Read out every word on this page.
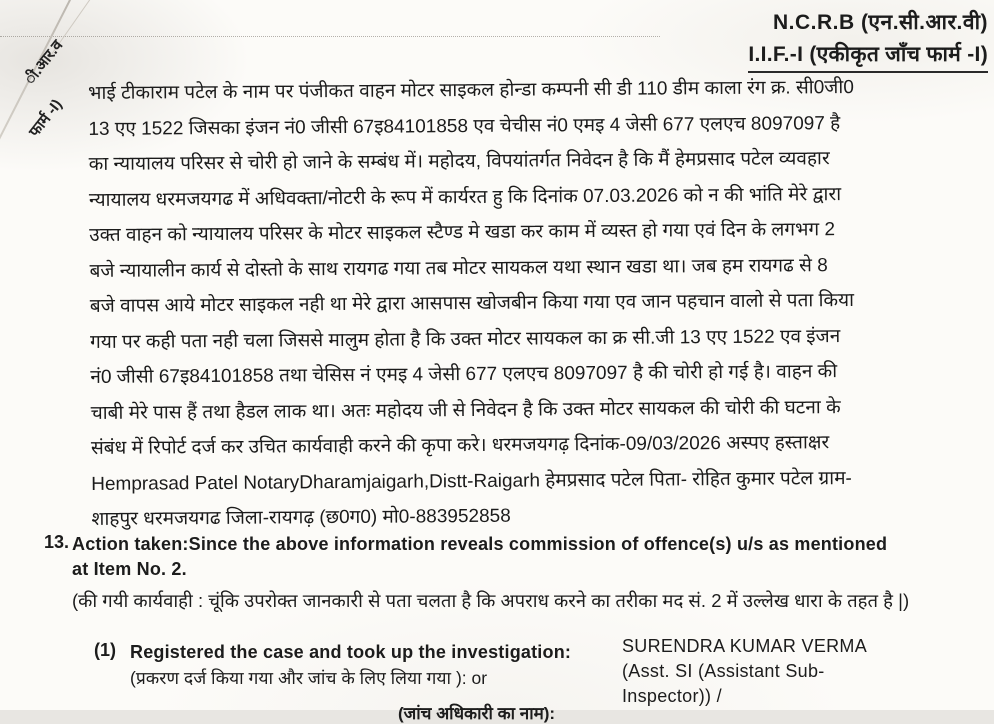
ी.आर.व
फार्म -I)
N.C.R.B (एन.सी.आर.वी)
I.I.F.-I (एकीकृत जाँच फार्म -I)
भाई टीकाराम पटेल के नाम पर पंजीकत वाहन मोटर साइकल होन्डा कम्पनी सी डी 110 डीम काला रंग क्र. सी0जी0
13 एए 1522 जिसका इंजन नं0 जीसी 67इ84101858 एव चेचीस नं0 एमइ 4 जेसी 677 एलएच 8097097 है
का न्यायालय परिसर से चोरी हो जाने के सम्बंध में। महोदय, विपयांतर्गत निवेदन है कि मैं हेमप्रसाद पटेल व्यवहार
न्यायालय धरमजयगढ में अधिवक्ता/नोटरी के रूप में कार्यरत हु कि दिनांक 07.03.2026 को न की भांति मेरे द्वारा
उक्त वाहन को न्यायालय परिसर के मोटर साइकल स्टैण्ड मे खडा कर काम में व्यस्त हो गया एवं दिन के लगभग 2
बजे न्यायालीन कार्य से दोस्तो के साथ रायगढ गया तब मोटर सायकल यथा स्थान खडा था। जब हम रायगढ से 8
बजे वापस आये मोटर साइकल नही था मेरे द्वारा आसपास खोजबीन किया गया एव जान पहचान वालो से पता किया
गया पर कही पता नही चला जिससे मालुम होता है कि उक्त मोटर सायकल का क्र सी.जी 13 एए 1522 एव इंजन
नं0 जीसी 67इ84101858 तथा चेसिस नं एमइ 4 जेसी 677 एलएच 8097097 है की चोरी हो गई है। वाहन की
चाबी मेरे पास हैं तथा हैडल लाक था। अतः महोदय जी से निवेदन है कि उक्त मोटर सायकल की चोरी की घटना के
संबंध में रिपोर्ट दर्ज कर उचित कार्यवाही करने की कृपा करे। धरमजयगढ़ दिनांक-09/03/2026 अस्पए हस्ताक्षर
Hemprasad Patel NotaryDharamjaigarh,Distt-Raigarh हेमप्रसाद पटेल पिता- रोहित कुमार पटेल ग्राम-
शाहपुर धरमजयगढ जिला-रायगढ़ (छ0ग0) मो0-883952858
13. Action taken:Since the above information reveals commission of offence(s) u/s as mentioned at Item No. 2.
(की गयी कार्यवाही : चूंकि उपरोक्त जानकारी से पता चलता है कि अपराध करने का तरीका मद सं. 2 में उल्लेख धारा के तहत है |)
(1) Registered the case and took up the investigation:
(प्रकरण दर्ज किया गया और जांच के लिए लिया गया ): or
SURENDRA KUMAR VERMA
(Asst. SI (Assistant Sub-
Inspector)) /
(जांच अधिकारी का नाम):
